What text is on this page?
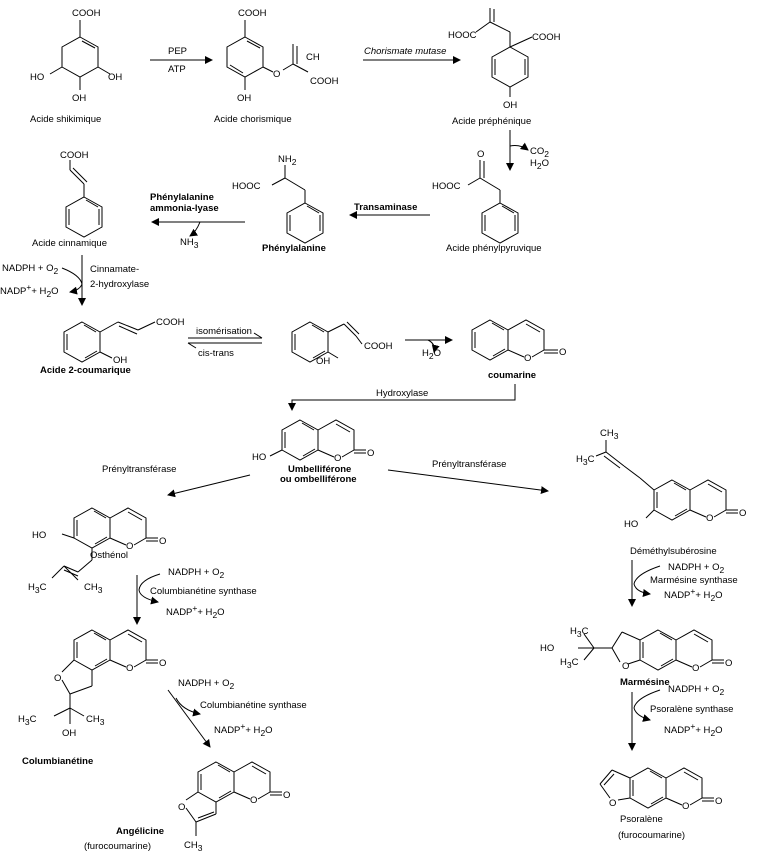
COOH
HO	OH
OH
Acide shikimique
PEP
ATP
COOH
O
CH
COOH
OH
Acide chorismique
Chorismate mutase
HOOC	COOH
OH
Acide préphénique
CO2
H2O
HOOC
O
Acide phénylpyruvique
Transaminase
HOOC
NH2
Phénylalanine
Phénylalanine
ammonia-lyase
NH3
COOH
Acide cinnamique
NADPH + O2
NADP++ H2O
Cinnamate-
2-hydroxylase
COOH
OH
Acide 2-coumarique
isomérisation
cis-trans
COOH
OH
H2O	O
O
coumarine
Hydroxylase
HO	O	O
Umbelliférone
ou ombelliférone
Prényltransférase	Prényltransférase
CH3
H3C
HO
O	O
Déméthylsubérosine
NADPH + O2
Marmésine synthase
NADP++ H2O
H3C
HO
H3C	O	O	O
Marmésine
NADPH + O2
Psoralène synthase
NADP++ H2O
O	O	O
Psoralène
(furocoumarine)
HO
O	O
H3C	CH3
Osthénol
NADPH + O2
Columbianétine synthase
NADP++ H2O
O
O	O
H3C	CH3
OH
Columbianétine
NADPH + O2
Columbianétine synthase
NADP++ H2O
O
O	O
CH3
Angélicine
(furocoumarine)
